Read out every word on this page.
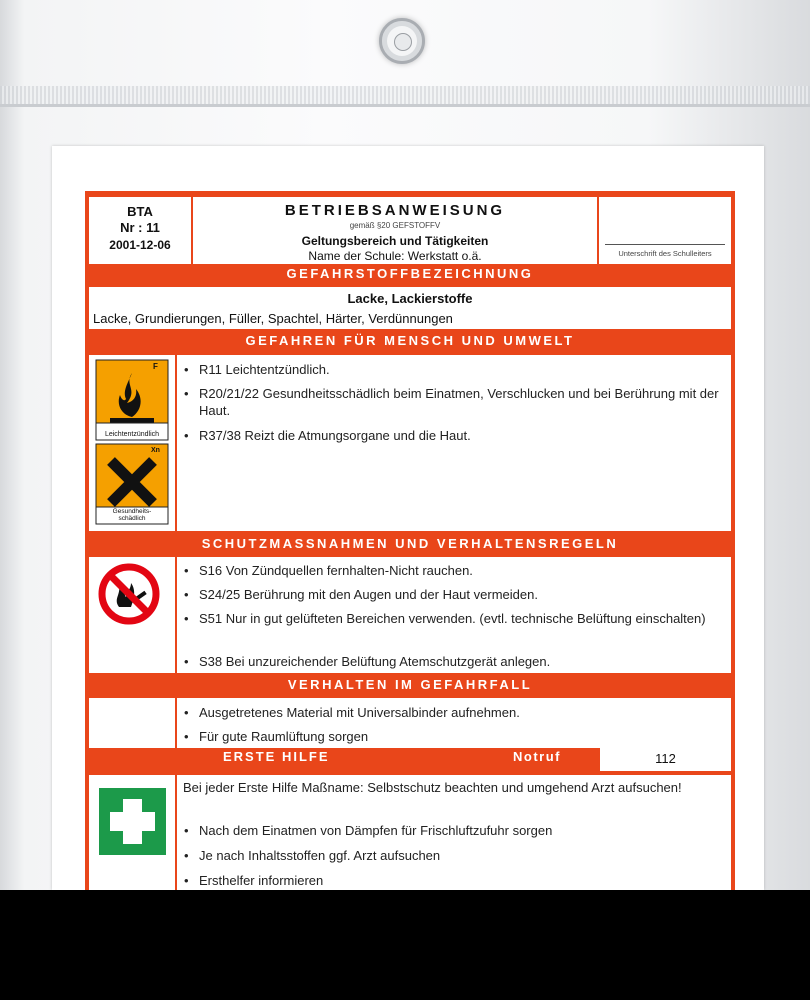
BTA
Nr : 11
2001-12-06
BETRIEBSANWEISUNG
gemäß §20 GEFSTOFFV
Geltungsbereich und Tätigkeiten
Name der Schule: Werkstatt o.ä.	Unterschrift des Schulleiters
GEFAHRSTOFFBEZEICHNUNG
Lacke, Lackierstoffe
Lacke, Grundierungen, Füller, Spachtel, Härter, Verdünnungen
GEFAHREN FÜR MENSCH UND UMWELT
F
Leichtentzündlich
Xn
Gesundheits-
schädlich
• R11 Leichtentzündlich.
• R20/21/22 Gesundheitsschädlich beim Einatmen, Verschlucken und bei Berührung mit der Haut.
• R37/38 Reizt die Atmungsorgane und die Haut.
SCHUTZMASSNAHMEN UND VERHALTENSREGELN
• S16 Von Zündquellen fernhalten-Nicht rauchen.
• S24/25 Berührung mit den Augen und der Haut vermeiden.
• S51 Nur in gut gelüfteten Bereichen verwenden. (evtl. technische Belüftung einschalten)
• S38 Bei unzureichender Belüftung Atemschutzgerät anlegen.
VERHALTEN IM GEFAHRFALL
• Ausgetretenes Material mit Universalbinder aufnehmen.
• Für gute Raumlüftung sorgen
ERSTE HILFE	Notruf	112
Bei jeder Erste Hilfe Maßname: Selbstschutz beachten und umgehend Arzt aufsuchen!
• Nach dem Einatmen von Dämpfen für Frischluftzufuhr sorgen
• Je nach Inhaltsstoffen ggf. Arzt aufsuchen
• Ersthelfer informieren
